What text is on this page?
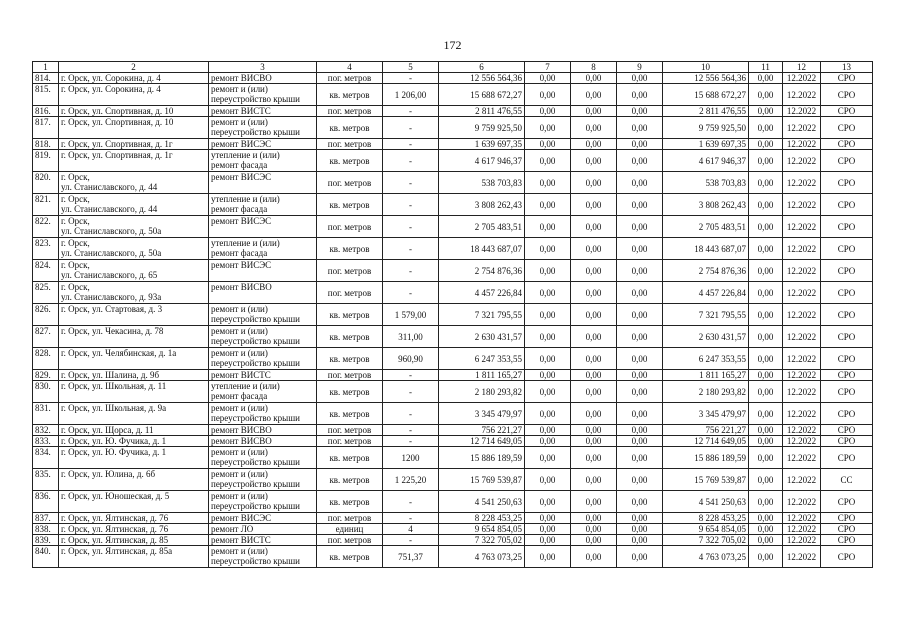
172
1	2	3	4	5	6	7	8	9	10	11	12	13
814.	г. Орск, ул. Сорокина, д. 4	ремонт ВИСВО	пог. метров	-	12 556 564,36	0,00	0,00	0,00	12 556 564,36	0,00	12.2022	СРО
815.	г. Орск, ул. Сорокина, д. 4	ремонт и (или)
переустройство крыши	кв. метров	1 206,00	15 688 672,27	0,00	0,00	0,00	15 688 672,27	0,00	12.2022	СРО
816.	г. Орск, ул. Спортивная, д. 10	ремонт ВИСТС	пог. метров	-	2 811 476,55	0,00	0,00	0,00	2 811 476,55	0,00	12.2022	СРО
817.	г. Орск, ул. Спортивная, д. 10	ремонт и (или)
переустройство крыши	кв. метров	-	9 759 925,50	0,00	0,00	0,00	9 759 925,50	0,00	12.2022	СРО
818.	г. Орск, ул. Спортивная, д. 1г	ремонт ВИСЭС	пог. метров	-	1 639 697,35	0,00	0,00	0,00	1 639 697,35	0,00	12.2022	СРО
819.	г. Орск, ул. Спортивная, д. 1г	утепление и (или)
ремонт фасада	кв. метров	-	4 617 946,37	0,00	0,00	0,00	4 617 946,37	0,00	12.2022	СРО
820.	г. Орск,
ул. Станиславского, д. 44	ремонт ВИСЭС	пог. метров	-	538 703,83	0,00	0,00	0,00	538 703,83	0,00	12.2022	СРО
821.	г. Орск,
ул. Станиславского, д. 44	утепление и (или)
ремонт фасада	кв. метров	-	3 808 262,43	0,00	0,00	0,00	3 808 262,43	0,00	12.2022	СРО
822.	г. Орск,
ул. Станиславского, д. 50а	ремонт ВИСЭС	пог. метров	-	2 705 483,51	0,00	0,00	0,00	2 705 483,51	0,00	12.2022	СРО
823.	г. Орск,
ул. Станиславского, д. 50а	утепление и (или)
ремонт фасада	кв. метров	-	18 443 687,07	0,00	0,00	0,00	18 443 687,07	0,00	12.2022	СРО
824.	г. Орск,
ул. Станиславского, д. 65	ремонт ВИСЭС	пог. метров	-	2 754 876,36	0,00	0,00	0,00	2 754 876,36	0,00	12.2022	СРО
825.	г. Орск,
ул. Станиславского, д. 93а	ремонт ВИСВО	пог. метров	-	4 457 226,84	0,00	0,00	0,00	4 457 226,84	0,00	12.2022	СРО
826.	г. Орск, ул. Стартовая, д. 3	ремонт и (или)
переустройство крыши	кв. метров	1 579,00	7 321 795,55	0,00	0,00	0,00	7 321 795,55	0,00	12.2022	СРО
827.	г. Орск, ул. Чекасина, д. 78	ремонт и (или)
переустройство крыши	кв. метров	311,00	2 630 431,57	0,00	0,00	0,00	2 630 431,57	0,00	12.2022	СРО
828.	г. Орск, ул. Челябинская, д. 1а	ремонт и (или)
переустройство крыши	кв. метров	960,90	6 247 353,55	0,00	0,00	0,00	6 247 353,55	0,00	12.2022	СРО
829.	г. Орск, ул. Шалина, д. 9б	ремонт ВИСТС	пог. метров	-	1 811 165,27	0,00	0,00	0,00	1 811 165,27	0,00	12.2022	СРО
830.	г. Орск, ул. Школьная, д. 11	утепление и (или)
ремонт фасада	кв. метров	-	2 180 293,82	0,00	0,00	0,00	2 180 293,82	0,00	12.2022	СРО
831.	г. Орск, ул. Школьная, д. 9а	ремонт и (или)
переустройство крыши	кв. метров	-	3 345 479,97	0,00	0,00	0,00	3 345 479,97	0,00	12.2022	СРО
832.	г. Орск, ул. Щорса, д. 11	ремонт ВИСВО	пог. метров	-	756 221,27	0,00	0,00	0,00	756 221,27	0,00	12.2022	СРО
833.	г. Орск, ул. Ю. Фучика, д. 1	ремонт ВИСВО	пог. метров	-	12 714 649,05	0,00	0,00	0,00	12 714 649,05	0,00	12.2022	СРО
834.	г. Орск, ул. Ю. Фучика, д. 1	ремонт и (или)
переустройство крыши	кв. метров	1200	15 886 189,59	0,00	0,00	0,00	15 886 189,59	0,00	12.2022	СРО
835.	г. Орск, ул. Юлина, д. 6б	ремонт и (или)
переустройство крыши	кв. метров	1 225,20	15 769 539,87	0,00	0,00	0,00	15 769 539,87	0,00	12.2022	СС
836.	г. Орск, ул. Юношеская, д. 5	ремонт и (или)
переустройство крыши	кв. метров	-	4 541 250,63	0,00	0,00	0,00	4 541 250,63	0,00	12.2022	СРО
837.	г. Орск, ул. Ялтинская, д. 76	ремонт ВИСЭС	пог. метров	-	8 228 453,25	0,00	0,00	0,00	8 228 453,25	0,00	12.2022	СРО
838.	г. Орск, ул. Ялтинская, д. 76	ремонт ЛО	единиц	4	9 654 854,05	0,00	0,00	0,00	9 654 854,05	0,00	12.2022	СРО
839.	г. Орск, ул. Ялтинская, д. 85	ремонт ВИСТС	пог. метров	-	7 322 705,02	0,00	0,00	0,00	7 322 705,02	0,00	12.2022	СРО
840.	г. Орск, ул. Ялтинская, д. 85а	ремонт и (или)
переустройство крыши	кв. метров	751,37	4 763 073,25	0,00	0,00	0,00	4 763 073,25	0,00	12.2022	СРО
